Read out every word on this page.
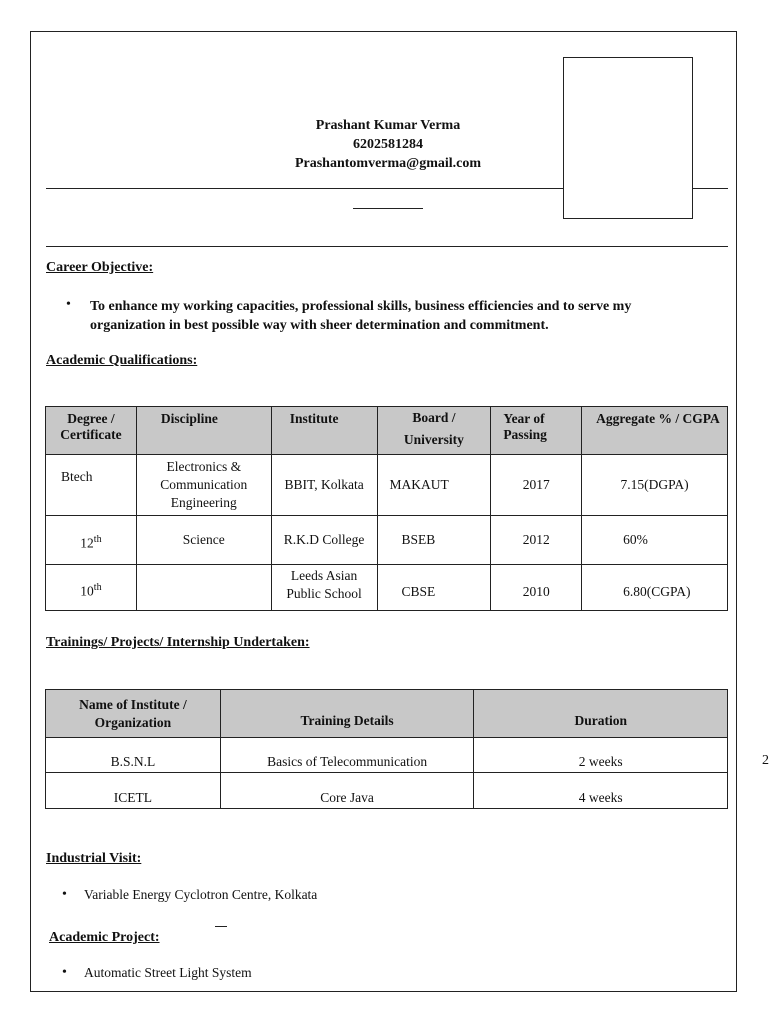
Prashant Kumar Verma
6202581284
Prashantomverma@gmail.com
Career Objective:
• To enhance my working capacities, professional skills, business efficiencies and to serve my organization in best possible way with sheer determination and commitment.
Academic Qualifications:
Degree / Certificate	Discipline	Institute	Board / University	Year of Passing	Aggregate % / CGPA
Btech	Electronics & Communication Engineering	BBIT, Kolkata	MAKAUT	2017	7.15(DGPA)
12th	Science	R.K.D College	BSEB	2012	60%
10th		Leeds Asian Public School	CBSE	2010	6.80(CGPA)
Trainings/ Projects/ Internship Undertaken:
Name of Institute / Organization	Training Details	Duration
B.S.N.L	Basics of Telecommunication	2 weeks
ICETL	Core Java	4 weeks
2
Industrial Visit:
• Variable Energy Cyclotron Centre, Kolkata
Academic Project:
• Automatic Street Light System
